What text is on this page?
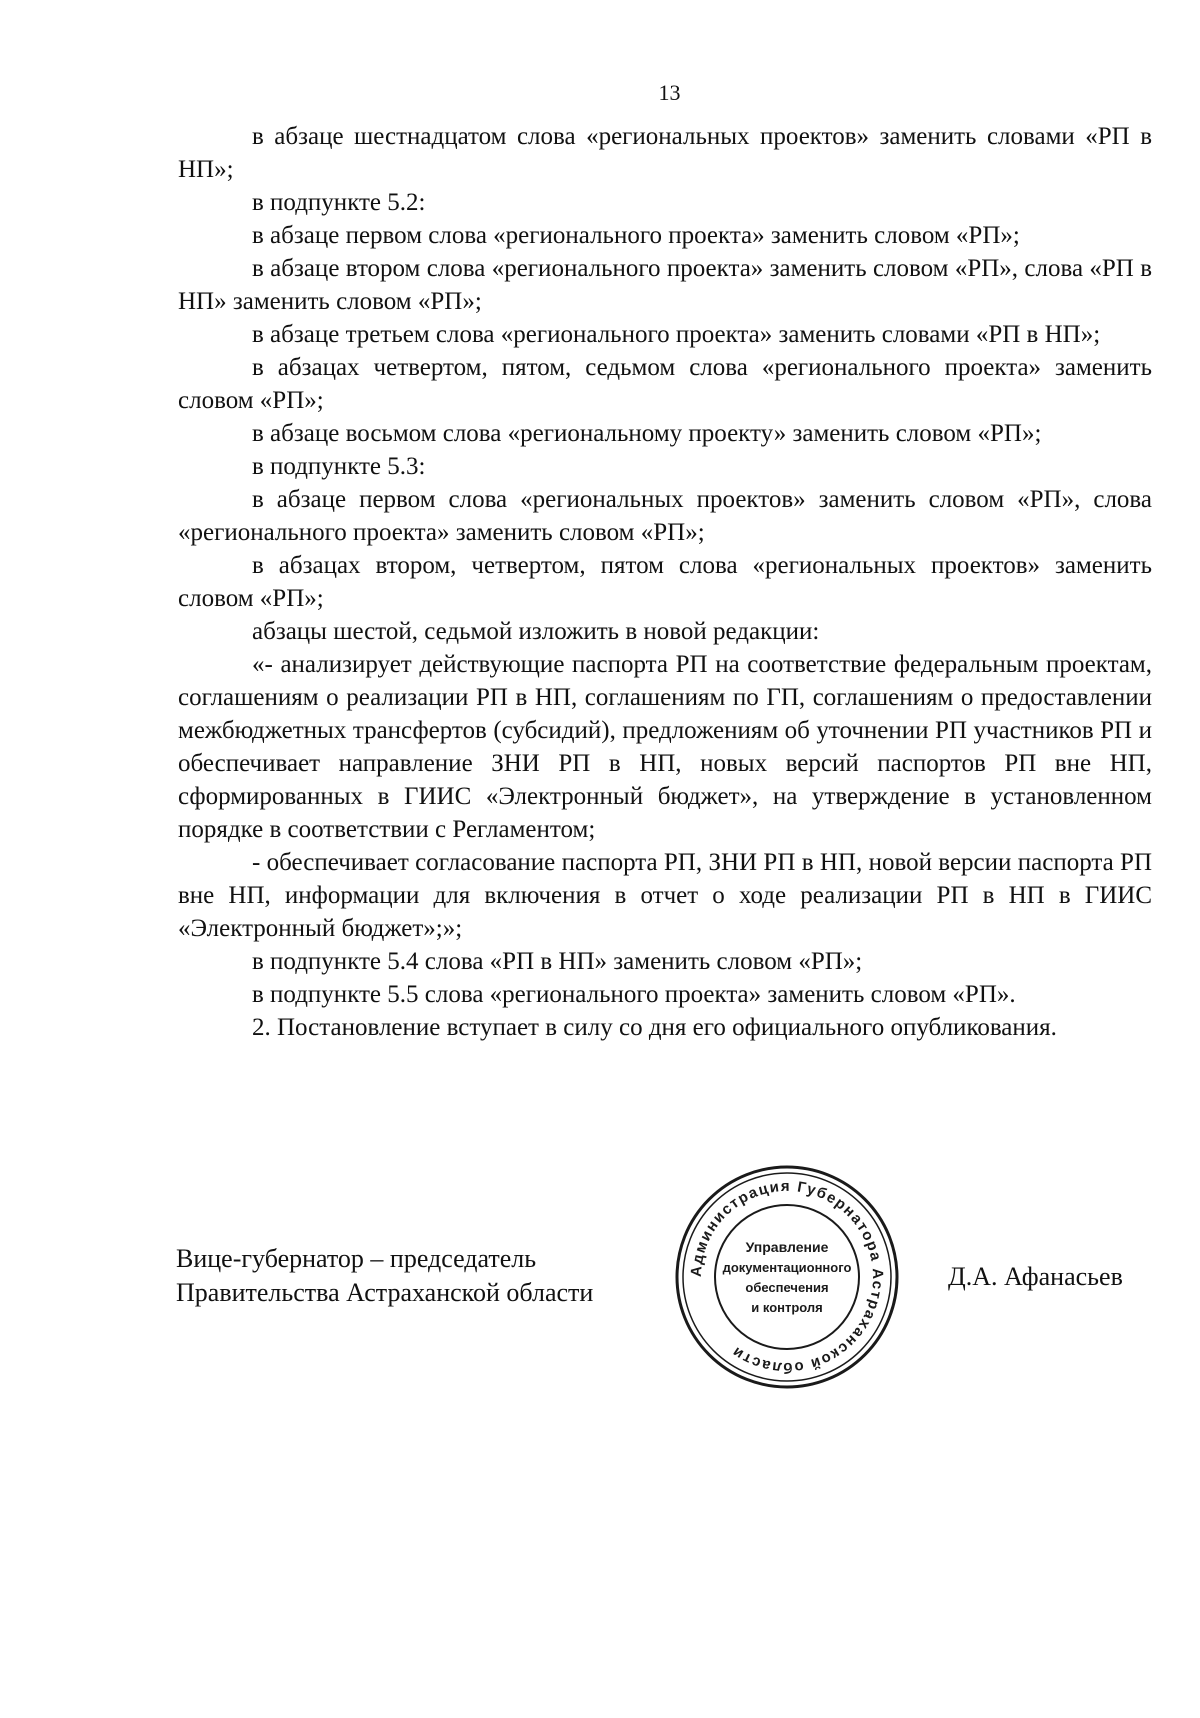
13

в абзаце шестнадцатом слова «региональных проектов» заменить словами «РП в НП»;

в подпункте 5.2:

в абзаце первом слова «регионального проекта» заменить словом «РП»;

в абзаце втором слова «регионального проекта» заменить словом «РП», слова «РП в НП» заменить словом «РП»;

в абзаце третьем слова «регионального проекта» заменить словами «РП в НП»;

в абзацах четвертом, пятом, седьмом слова «регионального проекта» заменить словом «РП»;

в абзаце восьмом слова «региональному проекту» заменить словом «РП»;

в подпункте 5.3:

в абзаце первом слова «региональных проектов» заменить словом «РП», слова «регионального проекта» заменить словом «РП»;

в абзацах втором, четвертом, пятом слова «региональных проектов» заменить словом «РП»;

абзацы шестой, седьмой изложить в новой редакции:

«- анализирует действующие паспорта РП на соответствие федеральным проектам, соглашениям о реализации РП в НП, соглашениям по ГП, соглашениям о предоставлении межбюджетных трансфертов (субсидий), предложениям об уточнении РП участников РП и обеспечивает направление ЗНИ РП в НП, новых версий паспортов РП вне НП, сформированных в ГИИС «Электронный бюджет», на утверждение в установленном порядке в соответствии с Регламентом;

- обеспечивает согласование паспорта РП, ЗНИ РП в НП, новой версии паспорта РП вне НП, информации для включения в отчет о ходе реализации РП в НП в ГИИС «Электронный бюджет»;»;

в подпункте 5.4 слова «РП в НП» заменить словом «РП»;

в подпункте 5.5 слова «регионального проекта» заменить словом «РП».

2. Постановление вступает в силу со дня его официального опубликования.

Вице-губернатор – председатель
Правительства Астраханской области
Администрация Губернатора Астраханской области
Управление
документационного
обеспечения
и контроля
Д.А. Афанасьев
